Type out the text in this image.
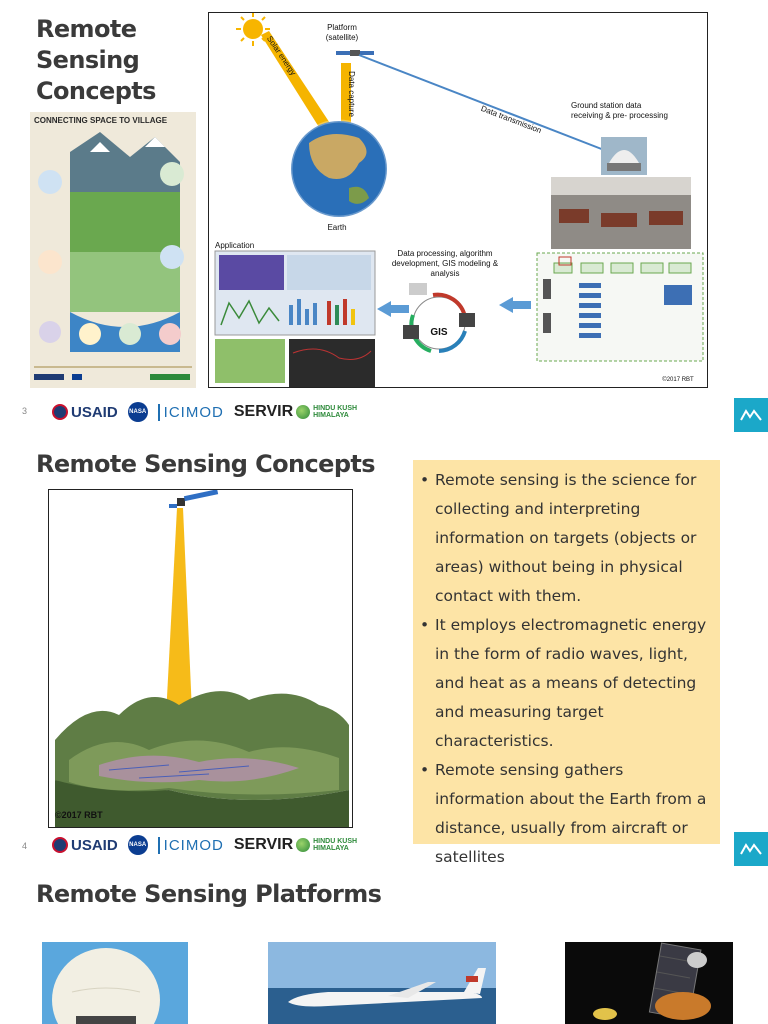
Remote Sensing Concepts
CONNECTING SPACE TO VILLAGE
Platform
(satellite)
Solar energy
Data capture
Data transmission	Ground station data
receiving & pre- processing
Earth
Application
Data processing, algorithm
development, GIS modeling &
analysis
GIS
©2017 RBT
3	USAID NASA	ICIMOD SERVIR	HINDU KUSH
HIMALAYA
Remote Sensing Concepts
©2017 RBT
• Remote sensing is the science for collecting and interpreting information on targets (objects or areas) without being in physical contact with them.
• It employs electromagnetic energy in the form of radio waves, light, and heat as a means of detecting and measuring target characteristics.
• Remote sensing gathers information about the Earth from a distance, usually from aircraft or satellites
4	USAID NASA	ICIMOD SERVIR	HINDU KUSH
HIMALAYA
Remote Sensing Platforms
